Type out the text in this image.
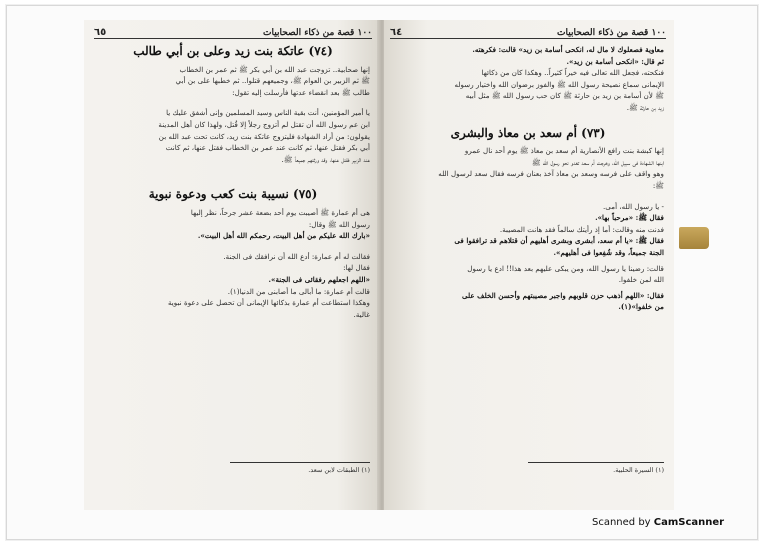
١٠٠ قصة من ذكاء الصحابيات
٦٥

(٧٤) عاتكة بنت زيد وعلى بن أبي طالب

إنها صحابية.. تزوجت عبد الله بن أبي بكر ﷺ ثم عمر بن الخطاب

ﷺ ثم الزبير بن العوام ﷺ، وجميعهم قتلوا.. ثم خطبها على بن أبي

طالب ﷺ بعد انقضاء عدتها فأرسلت إليه تقول:

يا أمير المؤمنين، أنت بقية الناس وسيد المسلمين وإنى أشفق عليك يا

ابن عم رسول الله أن تقتل لم أتزوج رجلاً إلا قُتل، ولهذا كان أهل المدينة

يقولون: من أراد الشهادة فليتزوج عاتكة بنت زيد، كانت تحت عبد الله بن

أبي بكر فقتل عنها، ثم كانت عند عمر بن الخطاب فقتل عنها، ثم كانت

عند الزبير فقتل عنها، وقد ورثتهم جميعاً ﷺ.

(٧٥) نسيبة بنت كعب ودعوة نبوية

هى أم عمارة ﷺ أصيبت يوم أحد بضعة عشر جرحاً، نظر إليها

رسول الله ﷺ وقال:

«بارك الله عليكم من أهل البيت، رحمكم الله أهل البيت».

فقالت له أم عمارة: أدع الله أن نرافقك فى الجنة.

فقال لها:

«اللهم اجعلهم رفقائى فى الجنة».

قالت أم عمارة: ما أبالى ما أصابنى من الدنيا(١).

وهكذا استطاعت أم عمارة بذكائها الإيمانى أن تحصل على دعوة نبوية

غالية.

(١) الطبقات لابن سعد.
١٠٠ قصة من ذكاء الصحابيات
٦٤

معاوية فصعلوك لا مال له، انكحى أسامة بن زيد» قالت: فكرهته.

ثم قال: «انكحى أسامة بن زيد».

فنكحته، فجعل الله تعالى فيه خيراً كثيراً.. وهكذا كان من ذكائها

الإيمانى سماع نصيحة رسول الله ﷺ والفوز برضوان الله واختيار رسوله

ﷺ لأن أسامة بن زيد بن حارثة ﷺ كان حب رسول الله ﷺ مثل أبيه

زيد بن حارثة ﷺ.

(٧٣) أم سعد بن معاذ والبشرى

إنها كبشة بنت رافع الأنصارية أم سعد بن معاذ ﷺ يوم أحد نال عمرو

ابنها الشهادة فى سبيل الله، وخرجت أم سعد تغدو نحو رسول الله ﷺ

وهو واقف على فرسه وسعد بن معاذ آخذ بعنان فرسه فقال سعد لرسول الله

ﷺ:

- يا رسول الله، أمى.

فقال ﷺ: «مرحباً بها».

فدنت منه وقالت: أما إذ رأيتك سالماً فقد هانت المصيبة.

فقال ﷺ: «يا أم سعد، أبشرى وبشرى أهليهم أن قتلاهم قد ترافقوا فى

الجنة جميعاً، وقد شُفِعوا فى أهليهم».

قالت: رضينا يا رسول الله، ومن يبكى عليهم بعد هذا!! ادع يا رسول

الله لمن خلفوا.

فقال: «اللهم أذهب حزن قلوبهم واجبر مصيبتهم وأحسن الخلف على

من خلفوا»(١).

(١) السيرة الحلبية.
Scanned by CamScanner
